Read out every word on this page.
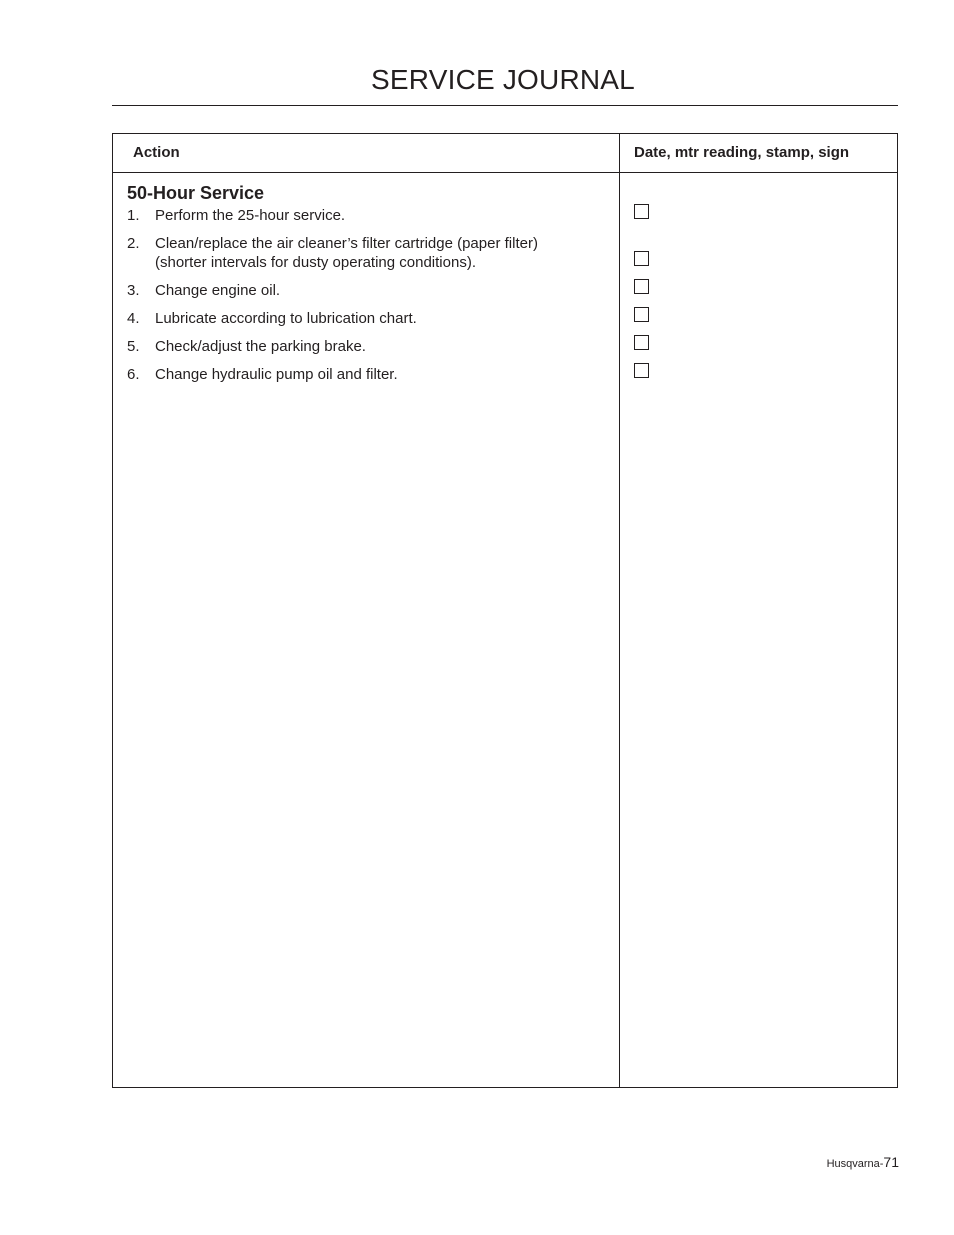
SERVICE JOURNAL
Action	Date, mtr reading, stamp, sign
50-Hour Service
1. Perform the 25-hour service.
2. Clean/replace the air cleaner’s filter cartridge (paper filter) (shorter intervals for dusty operating conditions).
3. Change engine oil.
4. Lubricate according to lubrication chart.
5. Check/adjust the parking brake.
6. Change hydraulic pump oil and filter.
Husqvarna-71
